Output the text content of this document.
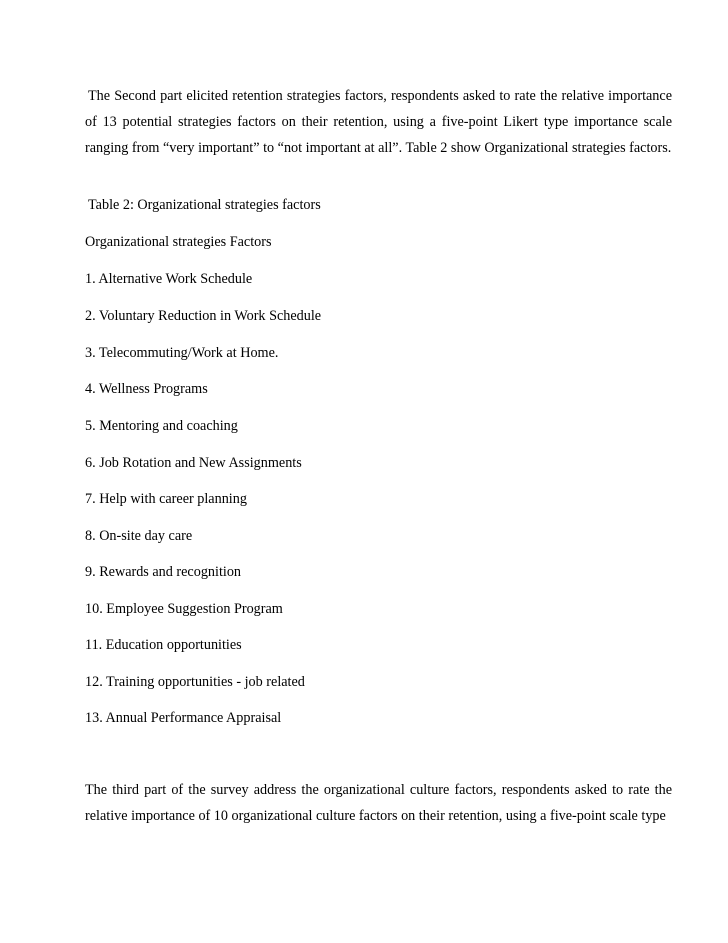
The Second part elicited retention strategies factors, respondents asked to rate the relative importance of 13 potential strategies factors on their retention, using a five-point Likert type importance scale ranging from “very important” to “not important at all”. Table 2 show Organizational strategies factors.

Table 2: Organizational strategies factors

Organizational strategies Factors

1. Alternative Work Schedule
2. Voluntary Reduction in Work Schedule
3. Telecommuting/Work at Home.
4. Wellness Programs
5. Mentoring and coaching
6. Job Rotation and New Assignments
7. Help with career planning
8. On-site day care
9. Rewards and recognition
10. Employee Suggestion Program
11. Education opportunities
12. Training opportunities - job related
13. Annual Performance Appraisal

The third part of the survey address the organizational culture factors, respondents asked to rate the relative importance of 10 organizational culture factors on their retention, using a five-point scale type
